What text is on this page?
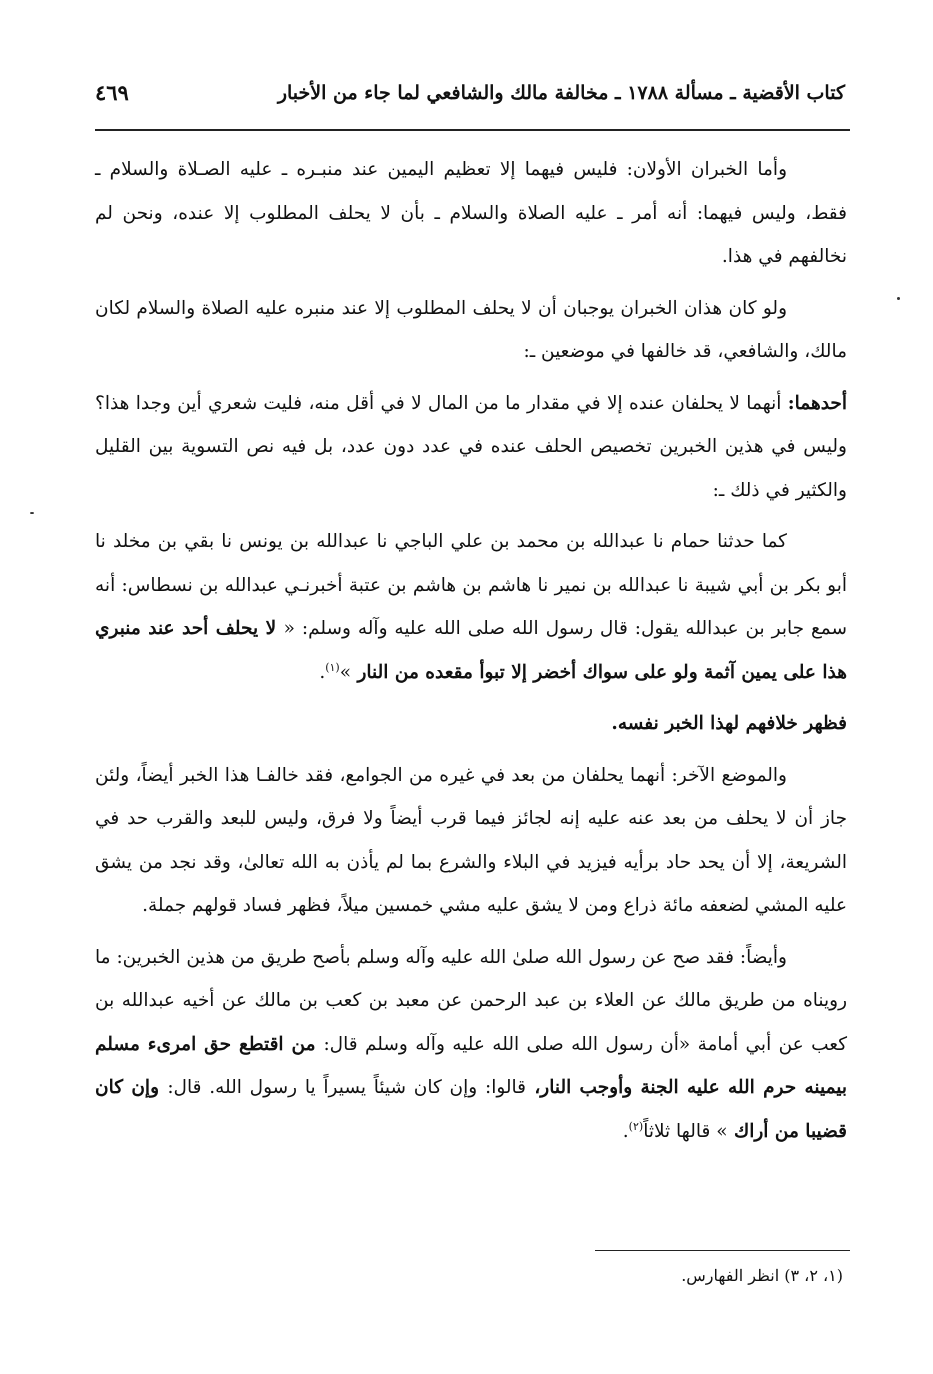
كتاب الأقضية ـ مسألة ١٧٨٨ ـ مخالفة مالك والشافعي لما جاء من الأخبار
٤٦٩

وأما الخبران الأولان: فليس فيهما إلا تعظيم اليمين عند منبـره ـ عليه الصـلاة والسلام ـ فقط، وليس فيهما: أنه أمر ـ عليه الصلاة والسلام ـ بأن لا يحلف المطلوب إلا عنده، ونحن لم نخالفهم في هذا.

ولو كان هذان الخبران يوجبان أن لا يحلف المطلوب إلا عند منبره عليه الصلاة والسلام لكان مالك، والشافعي، قد خالفها في موضعين ـ:

أحدهما: أنهما لا يحلفان عنده إلا في مقدار ما من المال لا في أقل منه، فليت شعري أين وجدا هذا؟ وليس في هذين الخبرين تخصيص الحلف عنده في عدد دون عدد، بل فيه نص التسوية بين القليل والكثير في ذلك ـ:

كما حدثنا حمام نا عبدالله بن محمد بن علي الباجي نا عبدالله بن يونس نا بقي بن مخلد نا أبو بكر بن أبي شيبة نا عبدالله بن نمير نا هاشم بن هاشم بن عتبة أخبرنـي عبدالله بن نسطاس: أنه سمع جابر بن عبدالله يقول: قال رسول الله صلى الله عليه وآله وسلم: « لا يحلف أحد عند منبري هذا على يمين آثمة ولو على سواك أخضر إلا تبوأ مقعده من النار »$^{(١)}$.

فظهر خلافهم لهذا الخبر نفسه.

والموضع الآخر: أنهما يحلفان من بعد في غيره من الجوامع، فقد خالفـا هذا الخبر أيضاً، ولئن جاز أن لا يحلف من بعد عنه عليه إنه لجائز فيما قرب أيضاً ولا فرق، وليس للبعد والقرب حد في الشريعة، إلا أن يحد حاد برأيه فيزيد في البلاء والشرع بما لم يأذن به الله تعالىٰ، وقد نجد من يشق عليه المشي لضعفه مائة ذراع ومن لا يشق عليه مشي خمسين ميلاً، فظهر فساد قولهم جملة.

وأيضاً: فقد صح عن رسول الله صلىٰ الله عليه وآله وسلم بأصح طريق من هذين الخبرين: ما رويناه من طريق مالك عن العلاء بن عبد الرحمن عن معبد بن كعب بن مالك عن أخيه عبدالله بن كعب عن أبي أمامة «أن رسول الله صلى الله عليه وآله وسلم قال: من اقتطع حق امرىء مسلم بيمينه حرم الله عليه الجنة وأوجب النار، قالوا: وإن كان شيئاً يسيراً يا رسول الله. قال: وإن كان قضيبا من أراك » قالها ثلاثاً$^{(٢)}$.

(١، ٢، ٣) انظر الفهارس.
